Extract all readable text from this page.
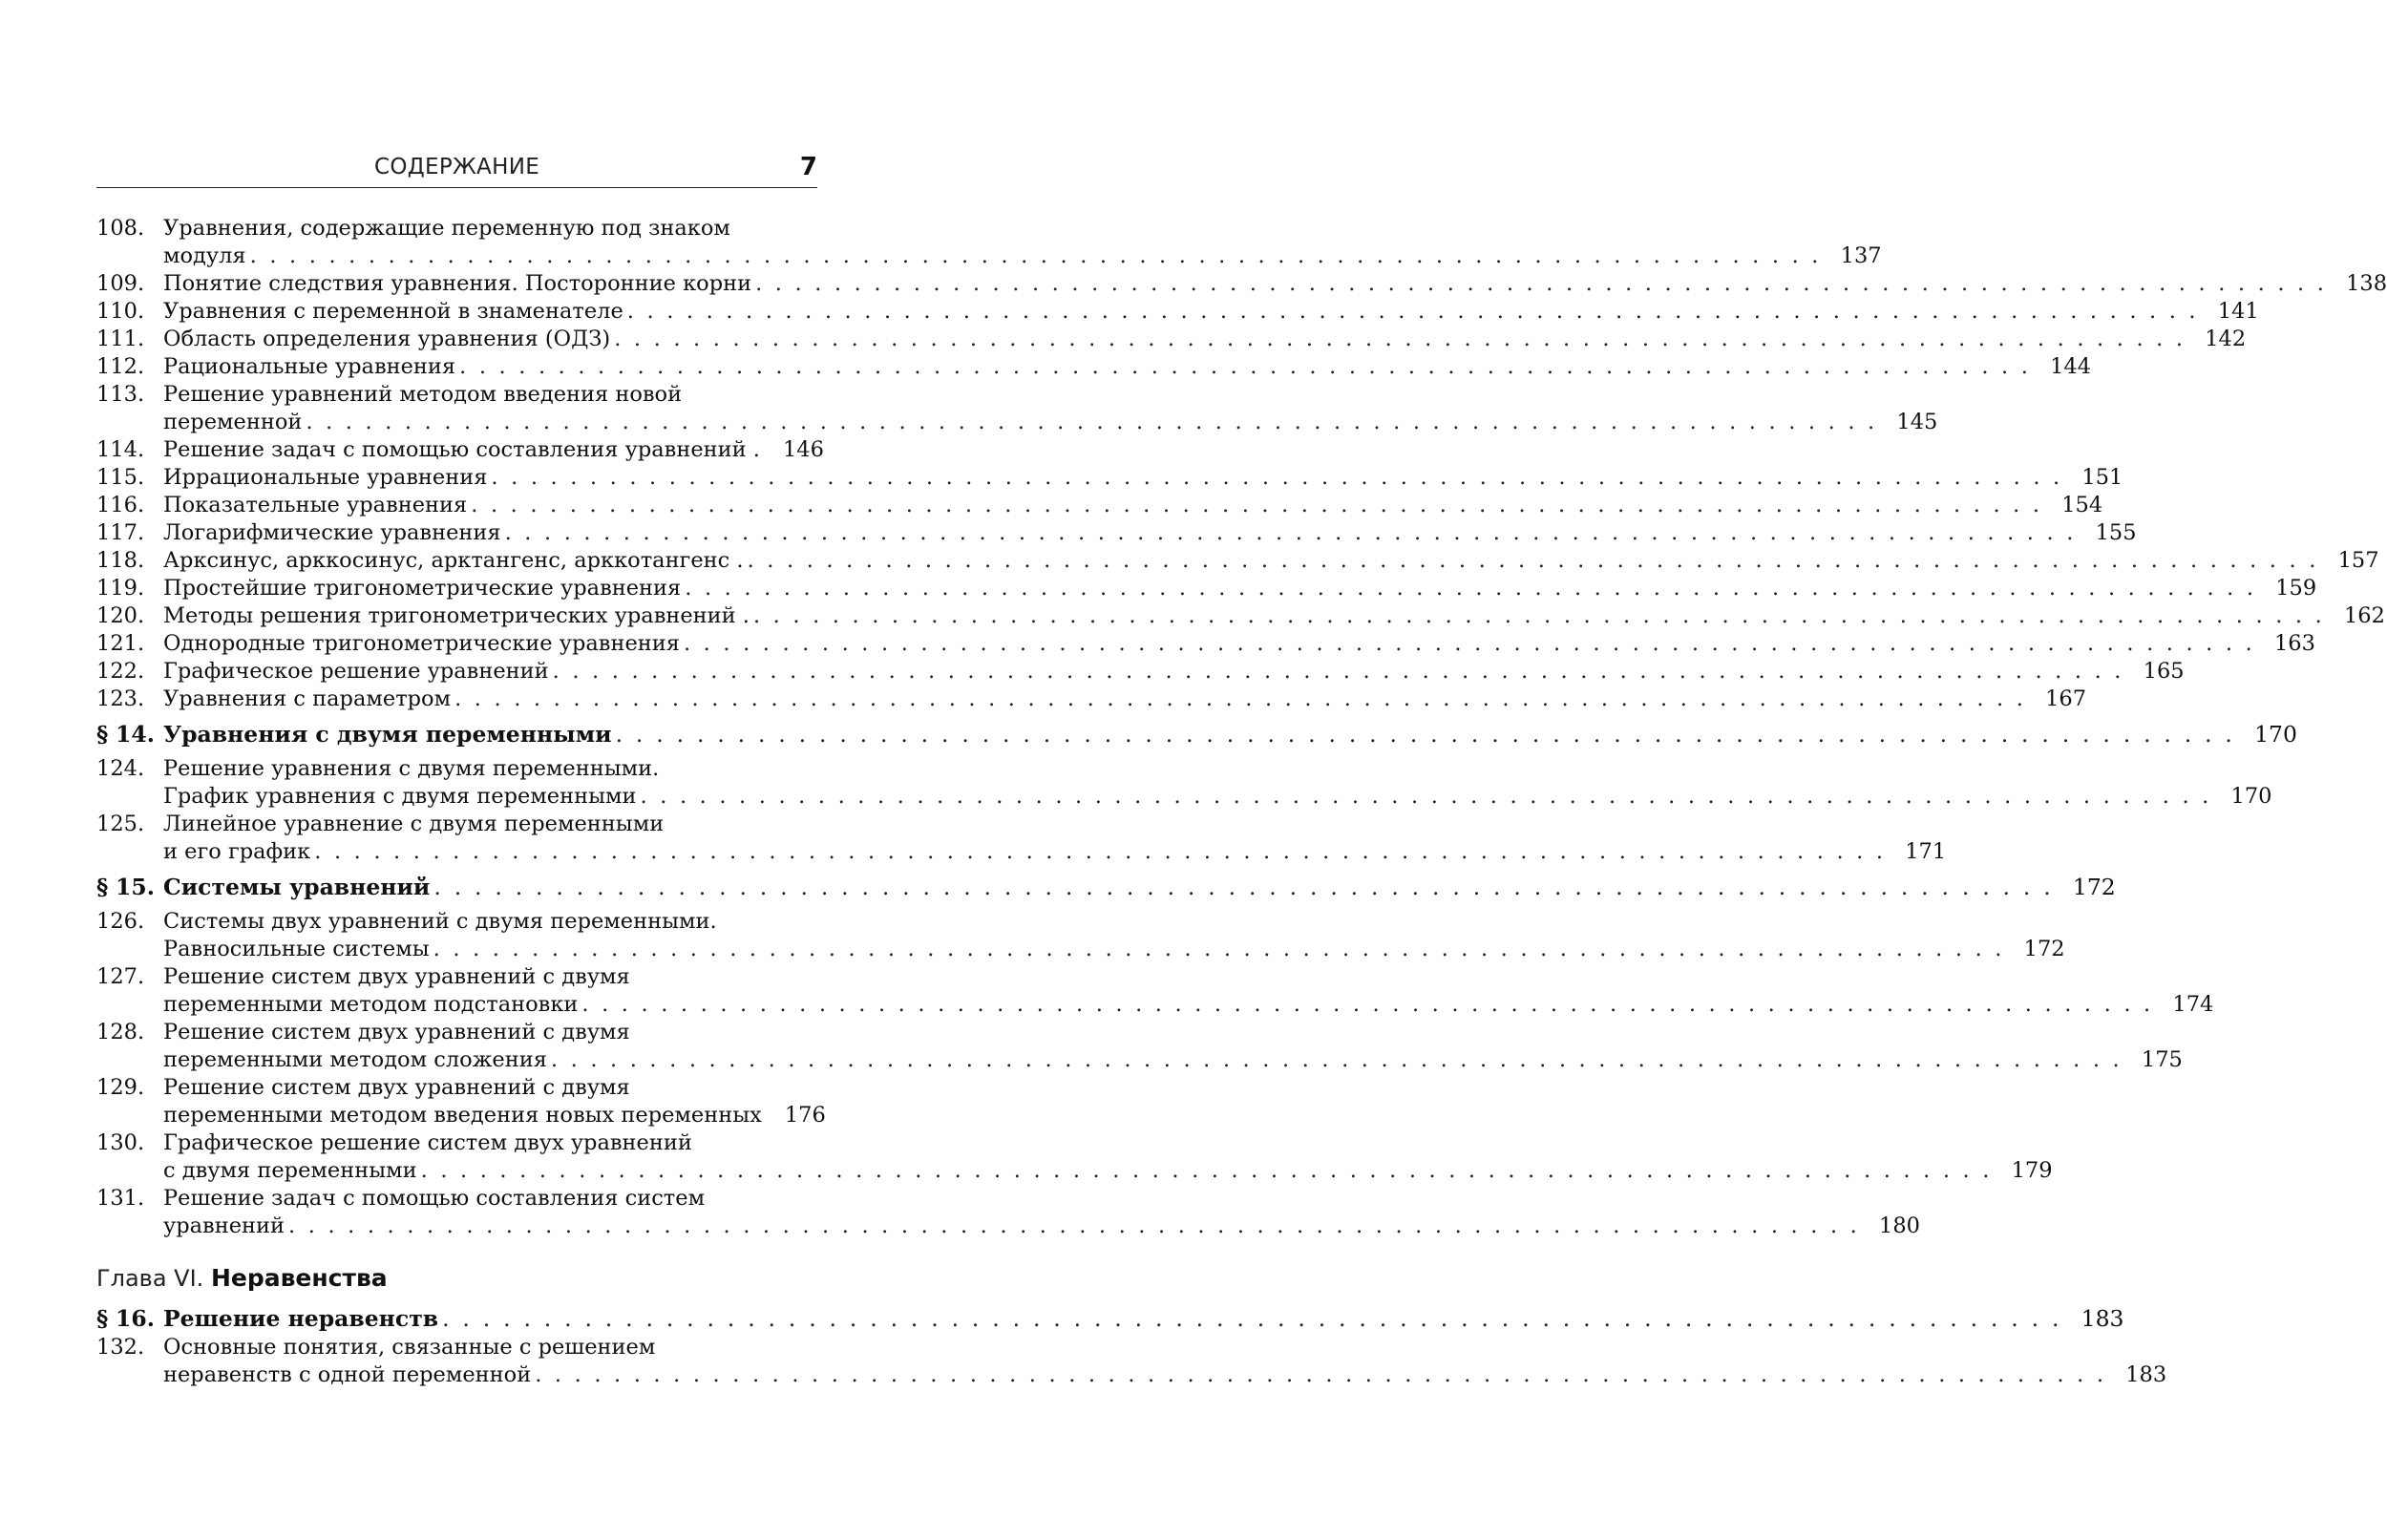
СОДЕРЖАНИЕ	7
108. Уравнения, содержащие переменную под знаком
модуля . . . . . . . . . . . . . . . . . . . . . . . . . . . . . . . . . . . . . . . . . . . . . . . . . . . . . . . . . . . . . . . . . . . . . . . . . . . . . . . . 137
109. Понятие следствия уравнения. Посторонние корни . . . . . . . . . . . . . . . . . . . . . . . . . . . . . . . . . . . . . . . . . . . . . . . . . . . . . . . . . . . . . . . . . . . . . . . . . . . . . . . . 138
110. Уравнения с переменной в знаменателе . . . . . . . . . . . . . . . . . . . . . . . . . . . . . . . . . . . . . . . . . . . . . . . . . . . . . . . . . . . . . . . . . . . . . . . . . . . . . . . . 141
111. Область определения уравнения (ОДЗ) . . . . . . . . . . . . . . . . . . . . . . . . . . . . . . . . . . . . . . . . . . . . . . . . . . . . . . . . . . . . . . . . . . . . . . . . . . . . . . . . 142
112. Рациональные уравнения . . . . . . . . . . . . . . . . . . . . . . . . . . . . . . . . . . . . . . . . . . . . . . . . . . . . . . . . . . . . . . . . . . . . . . . . . . . . . . . . 144
113. Решение уравнений методом введения новой
переменной . . . . . . . . . . . . . . . . . . . . . . . . . . . . . . . . . . . . . . . . . . . . . . . . . . . . . . . . . . . . . . . . . . . . . . . . . . . . . . . . 145
114. Решение задач с помощью составления уравнений . 146
115. Иррациональные уравнения . . . . . . . . . . . . . . . . . . . . . . . . . . . . . . . . . . . . . . . . . . . . . . . . . . . . . . . . . . . . . . . . . . . . . . . . . . . . . . . . 151
116. Показательные уравнения . . . . . . . . . . . . . . . . . . . . . . . . . . . . . . . . . . . . . . . . . . . . . . . . . . . . . . . . . . . . . . . . . . . . . . . . . . . . . . . . 154
117. Логарифмические уравнения . . . . . . . . . . . . . . . . . . . . . . . . . . . . . . . . . . . . . . . . . . . . . . . . . . . . . . . . . . . . . . . . . . . . . . . . . . . . . . . . 155
118. Арксинус, арккосинус, арктангенс, арккотангенс . . . . . . . . . . . . . . . . . . . . . . . . . . . . . . . . . . . . . . . . . . . . . . . . . . . . . . . . . . . . . . . . . . . . . . . . . . . . . . . . . 157
119. Простейшие тригонометрические уравнения . . . . . . . . . . . . . . . . . . . . . . . . . . . . . . . . . . . . . . . . . . . . . . . . . . . . . . . . . . . . . . . . . . . . . . . . . . . . . . . . 159
120. Методы решения тригонометрических уравнений . . . . . . . . . . . . . . . . . . . . . . . . . . . . . . . . . . . . . . . . . . . . . . . . . . . . . . . . . . . . . . . . . . . . . . . . . . . . . . . . . 162
121. Однородные тригонометрические уравнения . . . . . . . . . . . . . . . . . . . . . . . . . . . . . . . . . . . . . . . . . . . . . . . . . . . . . . . . . . . . . . . . . . . . . . . . . . . . . . . . 163
122. Графическое решение уравнений . . . . . . . . . . . . . . . . . . . . . . . . . . . . . . . . . . . . . . . . . . . . . . . . . . . . . . . . . . . . . . . . . . . . . . . . . . . . . . . . 165
123. Уравнения с параметром . . . . . . . . . . . . . . . . . . . . . . . . . . . . . . . . . . . . . . . . . . . . . . . . . . . . . . . . . . . . . . . . . . . . . . . . . . . . . . . . 167
§ 14. Уравнения с двумя переменными . . . . . . . . . . . . . . . . . . . . . . . . . . . . . . . . . . . . . . . . . . . . . . . . . . . . . . . . . . . . . . . . . . . . . . . . . . . . . . . . 170
124. Решение уравнения с двумя переменными.
График уравнения с двумя переменными . . . . . . . . . . . . . . . . . . . . . . . . . . . . . . . . . . . . . . . . . . . . . . . . . . . . . . . . . . . . . . . . . . . . . . . . . . . . . . . . 170
125. Линейное уравнение с двумя переменными
и его график . . . . . . . . . . . . . . . . . . . . . . . . . . . . . . . . . . . . . . . . . . . . . . . . . . . . . . . . . . . . . . . . . . . . . . . . . . . . . . . . 171
§ 15. Системы уравнений . . . . . . . . . . . . . . . . . . . . . . . . . . . . . . . . . . . . . . . . . . . . . . . . . . . . . . . . . . . . . . . . . . . . . . . . . . . . . . . . 172
126. Системы двух уравнений с двумя переменными.
Равносильные системы . . . . . . . . . . . . . . . . . . . . . . . . . . . . . . . . . . . . . . . . . . . . . . . . . . . . . . . . . . . . . . . . . . . . . . . . . . . . . . . . 172
127. Решение систем двух уравнений с двумя
переменными методом подстановки . . . . . . . . . . . . . . . . . . . . . . . . . . . . . . . . . . . . . . . . . . . . . . . . . . . . . . . . . . . . . . . . . . . . . . . . . . . . . . . . 174
128. Решение систем двух уравнений с двумя
переменными методом сложения . . . . . . . . . . . . . . . . . . . . . . . . . . . . . . . . . . . . . . . . . . . . . . . . . . . . . . . . . . . . . . . . . . . . . . . . . . . . . . . . 175
129. Решение систем двух уравнений с двумя
переменными методом введения новых переменных 176
130. Графическое решение систем двух уравнений
с двумя переменными . . . . . . . . . . . . . . . . . . . . . . . . . . . . . . . . . . . . . . . . . . . . . . . . . . . . . . . . . . . . . . . . . . . . . . . . . . . . . . . . 179
131. Решение задач с помощью составления систем
уравнений . . . . . . . . . . . . . . . . . . . . . . . . . . . . . . . . . . . . . . . . . . . . . . . . . . . . . . . . . . . . . . . . . . . . . . . . . . . . . . . . 180
Глава VI. Неравенства
§ 16. Решение неравенств . . . . . . . . . . . . . . . . . . . . . . . . . . . . . . . . . . . . . . . . . . . . . . . . . . . . . . . . . . . . . . . . . . . . . . . . . . . . . . . . 183
132. Основные понятия, связанные с решением
неравенств с одной переменной . . . . . . . . . . . . . . . . . . . . . . . . . . . . . . . . . . . . . . . . . . . . . . . . . . . . . . . . . . . . . . . . . . . . . . . . . . . . . . . . 183
